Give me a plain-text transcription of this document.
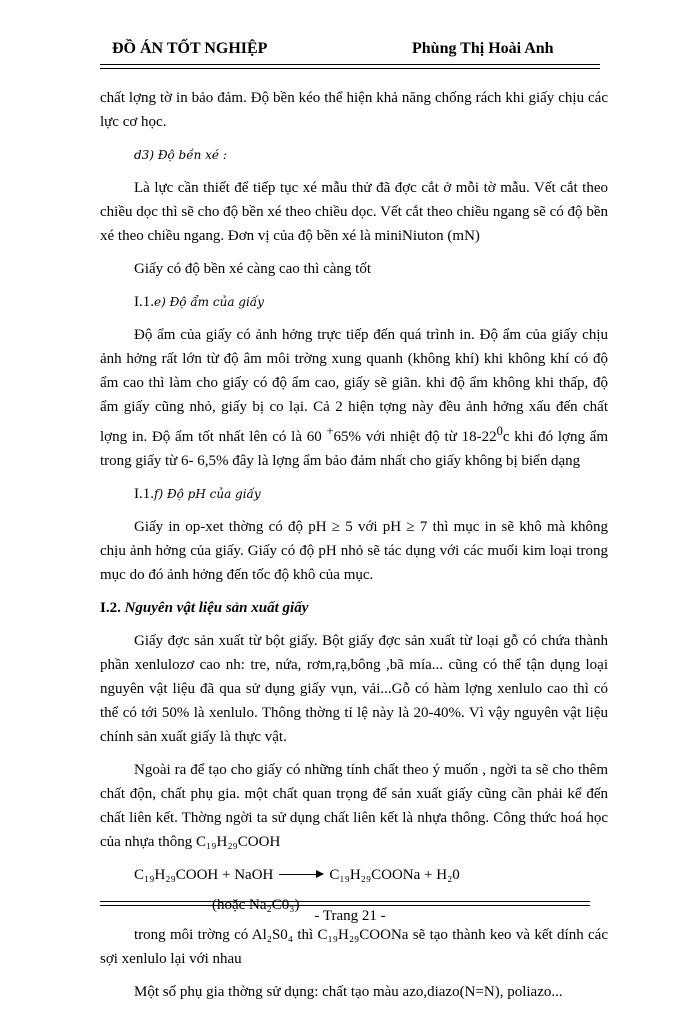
ĐỒ ÁN TỐT NGHIỆP	Phùng Thị Hoài Anh

chất lợng tờ in bảo đảm. Độ bền kéo thể hiện khả năng chống rách khi giấy chịu các lực cơ học.

d3) Độ bền xé :

Là lực cần thiết để tiếp tục xé mẫu thử đã đợc cắt ở mỗi tờ mẫu. Vết cắt theo chiều dọc thì sẽ cho độ bền xé theo chiều dọc. Vết cắt theo chiều ngang sẽ có độ bền xé theo chiều ngang. Đơn vị của độ bền xé là miniNiuton (mN)

Giấy có độ bền xé càng cao thì càng tốt

I.1.e) Độ ẩm của giấy

Độ ẩm của giấy có ảnh hởng trực tiếp đến quá trình in. Độ ẩm của giấy chịu ảnh hởng rất lớn từ độ âm môi trờng xung quanh (không khí) khi không khí có độ ẩm cao thì làm cho giấy có độ ẩm cao, giấy sẽ giãn. khi độ ẩm không khi thấp, độ ẩm giấy cũng nhỏ, giấy bị co lại. Cả 2 hiện tợng này đều ảnh hởng xấu đến chất lợng in. Độ ẩm tốt nhất lên có là 60 +65% với nhiệt độ từ $18-22^0c$ khi đó lợng ẩm trong giấy từ 6- 6,5% đây là lợng ẩm bảo đảm nhất cho giấy không bị biến dạng

I.1.f) Độ pH của giấy

Giấy in op-xet thờng có độ pH ≥ 5 với pH ≥ 7 thì mục in sẽ khô mà không chịu ảnh hởng của giấy. Giấy có độ pH nhỏ sẽ tác dụng với các muối kim loại trong mục do đó ảnh hởng đến tốc độ khô của mục.

I.2. Nguyên vật liệu sản xuất giấy

Giấy đợc sản xuất từ bột giấy. Bột giấy đợc sản xuất từ loại gỗ có chứa thành phần xenlulozơ cao nh: tre, nứa, rơm,rạ,bông ,bã mía... cũng có thể tận dụng loại nguyên vật liệu đã qua sử dụng giấy vụn, vải...Gỗ có hàm lợng xenlulo cao thì có thể có tới 50% là xenlulo. Thông thờng tỉ lệ này là 20-40%. Vì vậy nguyên vật liệu chính sản xuất giấy là thực vật.

Ngoài ra để tạo cho giấy có những tính chất theo ý muốn , ngời ta sẽ cho thêm chất độn, chất phụ gia. một chất quan trọng để sản xuất giấy cũng cần phải kể đến chất liên kết. Thờng ngời ta sử dụng chất liên kết là nhựa thông. Công thức hoá học của nhựa thông C₁₉H₂₉COOH

C₁₉H₂₉COOH + NaOH → C₁₉H₂₉COONa + H₂0
(hoặc Na₂C0₃)

trong môi trờng có Al₂S0₄ thì C₁₉H₂₉COONa sẽ tạo thành keo và kết dính các sợi xenlulo lại với nhau

Một số phụ gia thờng sử dụng: chất tạo màu azo,diazo(N=N), poliazo...

- Trang 21 -
